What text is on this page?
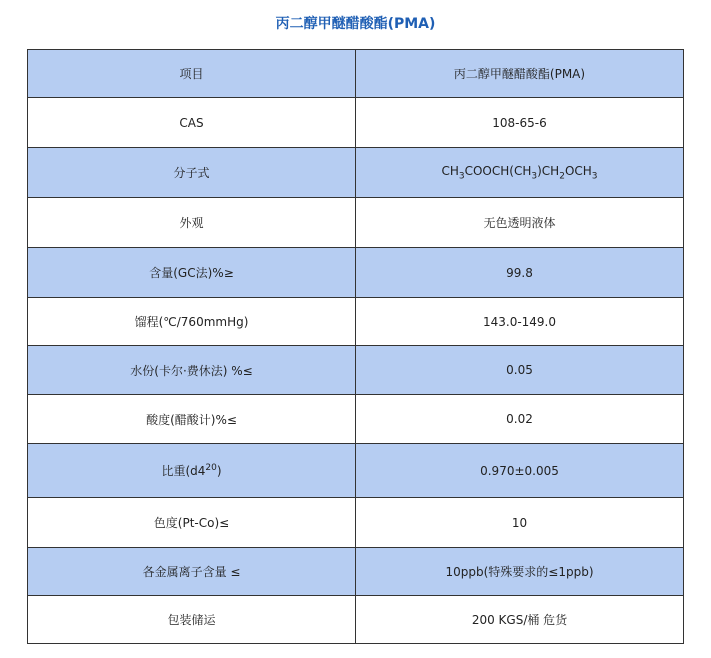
丙二醇甲醚醋酸酯(PMA)
项目	丙二醇甲醚醋酸酯(PMA)
CAS	108-65-6
分子式	$CH_3COOCH(CH_3)CH_2OCH_3$
外观	无色透明液体
含量(GC法)%≥	99.8
馏程(℃/760mmHg)	143.0-149.0
水份(卡尔·费休法) %≤	0.05
酸度(醋酸计)%≤	0.02
比重$(d4^{20})$	0.970±0.005
色度(Pt-Co)≤	10
各金属离子含量 ≤	10ppb(特殊要求的≤1ppb)
包装储运	200 KGS/桶 危货
